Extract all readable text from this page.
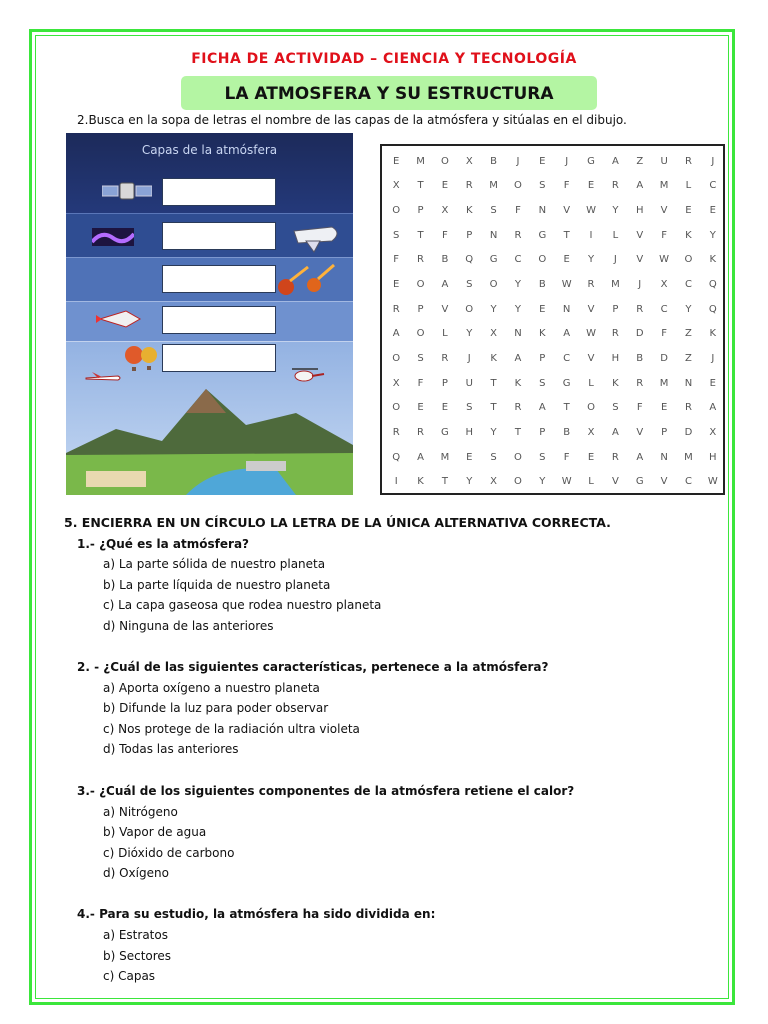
FICHA DE ACTIVIDAD – CIENCIA Y TECNOLOGÍA
LA ATMOSFERA Y SU ESTRUCTURA
2.Busca en la sopa de letras el nombre de las capas de la atmósfera y sitúalas en el dibujo.
Capas de la atmósfera
E	M	O	X	B	J	E	J	G	A	Z	U	R	J
X	T	E	R	M	O	S	F	E	R	A	M	L	C
O	P	X	K	S	F	N	V	W	Y	H	V	E	E
S	T	F	P	N	R	G	T	I	L	V	F	K	Y
F	R	B	Q	G	C	O	E	Y	J	V	W	O	K
E	O	A	S	O	Y	B	W	R	M	J	X	C	Q
R	P	V	O	Y	Y	E	N	V	P	R	C	Y	Q
A	O	L	Y	X	N	K	A	W	R	D	F	Z	K
O	S	R	J	K	A	P	C	V	H	B	D	Z	J
X	F	P	U	T	K	S	G	L	K	R	M	N	E
O	E	E	S	T	R	A	T	O	S	F	E	R	A
R	R	G	H	Y	T	P	B	X	A	V	P	D	X
Q	A	M	E	S	O	S	F	E	R	A	N	M	H
I	K	T	Y	X	O	Y	W	L	V	G	V	C	W
5. ENCIERRA EN UN CÍRCULO LA LETRA DE LA ÚNICA ALTERNATIVA CORRECTA.
1.- ¿Qué es la atmósfera?
a) La parte sólida de nuestro planeta
b) La parte líquida de nuestro planeta
c) La capa gaseosa que rodea nuestro planeta
d) Ninguna de las anteriores
2. - ¿Cuál de las siguientes características, pertenece a la atmósfera?
a) Aporta oxígeno a nuestro planeta
b) Difunde la luz para poder observar
c) Nos protege de la radiación ultra violeta
d) Todas las anteriores
3.- ¿Cuál de los siguientes componentes de la atmósfera retiene el calor?
a) Nitrógeno
b) Vapor de agua
c) Dióxido de carbono
d) Oxígeno
4.- Para su estudio, la atmósfera ha sido dividida en:
a) Estratos
b) Sectores
c) Capas
